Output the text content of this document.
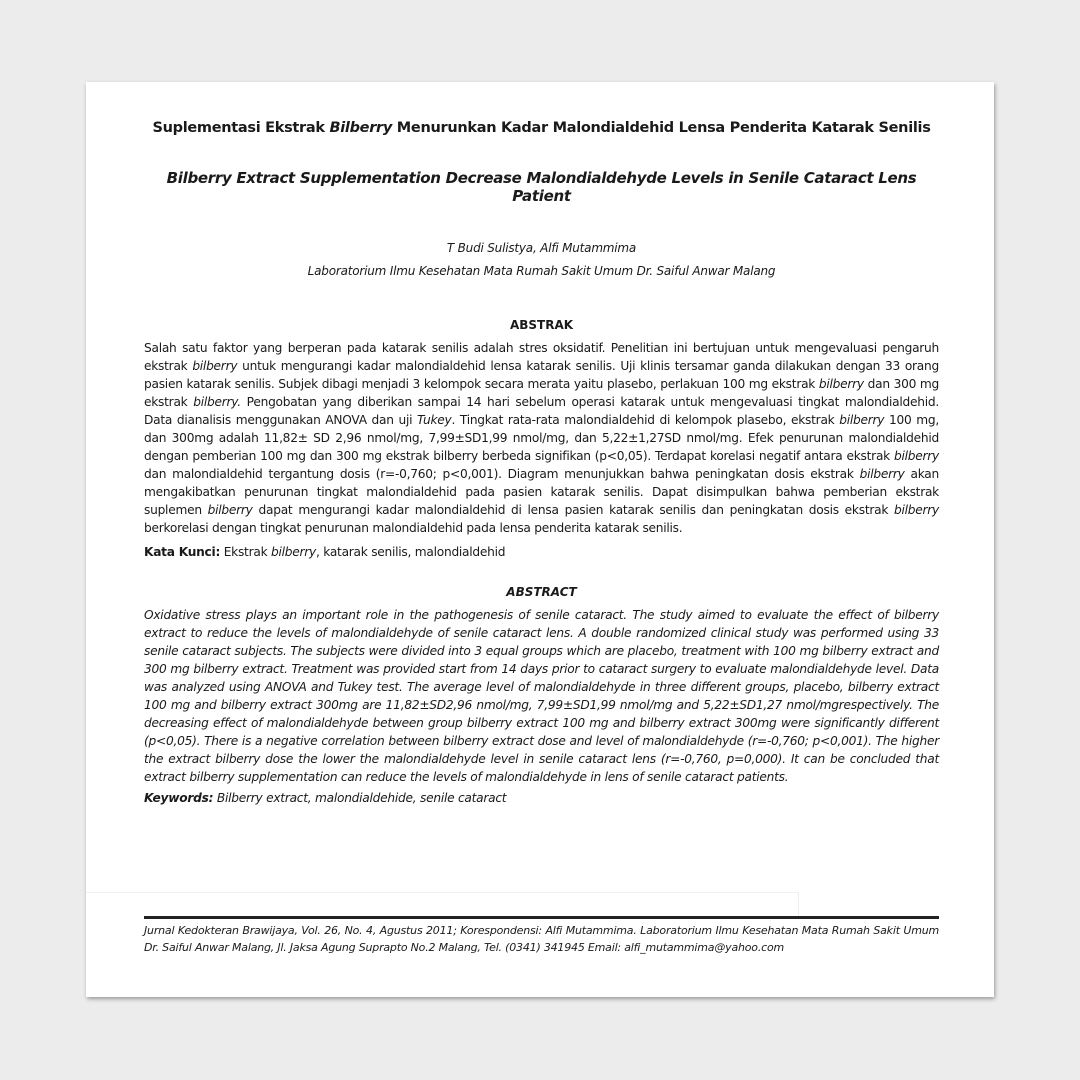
Suplementasi Ekstrak Bilberry Menurunkan Kadar Malondialdehid Lensa Penderita Katarak Senilis
Bilberry Extract Supplementation Decrease Malondialdehyde Levels in Senile Cataract Lens Patient

T Budi Sulistya, Alfi Mutammima

Laboratorium Ilmu Kesehatan Mata Rumah Sakit Umum Dr. Saiful Anwar Malang

ABSTRAK

Salah satu faktor yang berperan pada katarak senilis adalah stres oksidatif. Penelitian ini bertujuan untuk mengevaluasi pengaruh ekstrak bilberry untuk mengurangi kadar malondialdehid lensa katarak senilis. Uji klinis tersamar ganda dilakukan dengan 33 orang pasien katarak senilis. Subjek dibagi menjadi 3 kelompok secara merata yaitu plasebo, perlakuan 100 mg ekstrak bilberry dan 300 mg ekstrak bilberry. Pengobatan yang diberikan sampai 14 hari sebelum operasi katarak untuk mengevaluasi tingkat malondialdehid. Data dianalisis menggunakan ANOVA dan uji Tukey. Tingkat rata-rata malondialdehid di kelompok plasebo, ekstrak bilberry 100 mg, dan 300mg adalah 11,82± SD 2,96 nmol/mg, 7,99±SD1,99 nmol/mg, dan 5,22±1,27SD nmol/mg. Efek penurunan malondialdehid dengan pemberian 100 mg dan 300 mg ekstrak bilberry berbeda signifikan (p<0,05). Terdapat korelasi negatif antara ekstrak bilberry dan malondialdehid tergantung dosis (r=-0,760; p<0,001). Diagram menunjukkan bahwa peningkatan dosis ekstrak bilberry akan mengakibatkan penurunan tingkat malondialdehid pada pasien katarak senilis. Dapat disimpulkan bahwa pemberian ekstrak suplemen bilberry dapat mengurangi kadar malondialdehid di lensa pasien katarak senilis dan peningkatan dosis ekstrak bilberry berkorelasi dengan tingkat penurunan malondialdehid pada lensa penderita katarak senilis.

Kata Kunci: Ekstrak bilberry, katarak senilis, malondialdehid

ABSTRACT

Oxidative stress plays an important role in the pathogenesis of senile cataract. The study aimed to evaluate the effect of bilberry extract to reduce the levels of malondialdehyde of senile cataract lens. A double randomized clinical study was performed using 33 senile cataract subjects. The subjects were divided into 3 equal groups which are placebo, treatment with 100 mg bilberry extract and 300 mg bilberry extract. Treatment was provided start from 14 days prior to cataract surgery to evaluate malondialdehyde level. Data was analyzed using ANOVA and Tukey test. The average level of malondialdehyde in three different groups, placebo, bilberry extract 100 mg and bilberry extract 300mg are 11,82±SD2,96 nmol/mg, 7,99±SD1,99 nmol/mg and 5,22±SD1,27 nmol/mgrespectively. The decreasing effect of malondialdehyde between group bilberry extract 100 mg and bilberry extract 300mg were significantly different (p<0,05). There is a negative correlation between bilberry extract dose and level of malondialdehyde (r=-0,760; p<0,001). The higher the extract bilberry dose the lower the malondialdehyde level in senile cataract lens (r=-0,760, p=0,000). It can be concluded that extract bilberry supplementation can reduce the levels of malondialdehyde in lens of senile cataract patients.

Keywords: Bilberry extract, malondialdehide, senile cataract

Jurnal Kedokteran Brawijaya, Vol. 26, No. 4, Agustus 2011; Korespondensi: Alfi Mutammima. Laboratorium Ilmu Kesehatan Mata Rumah Sakit Umum Dr. Saiful Anwar Malang, Jl. Jaksa Agung Suprapto No.2 Malang, Tel. (0341) 341945 Email: alfi_mutammima@yahoo.com
